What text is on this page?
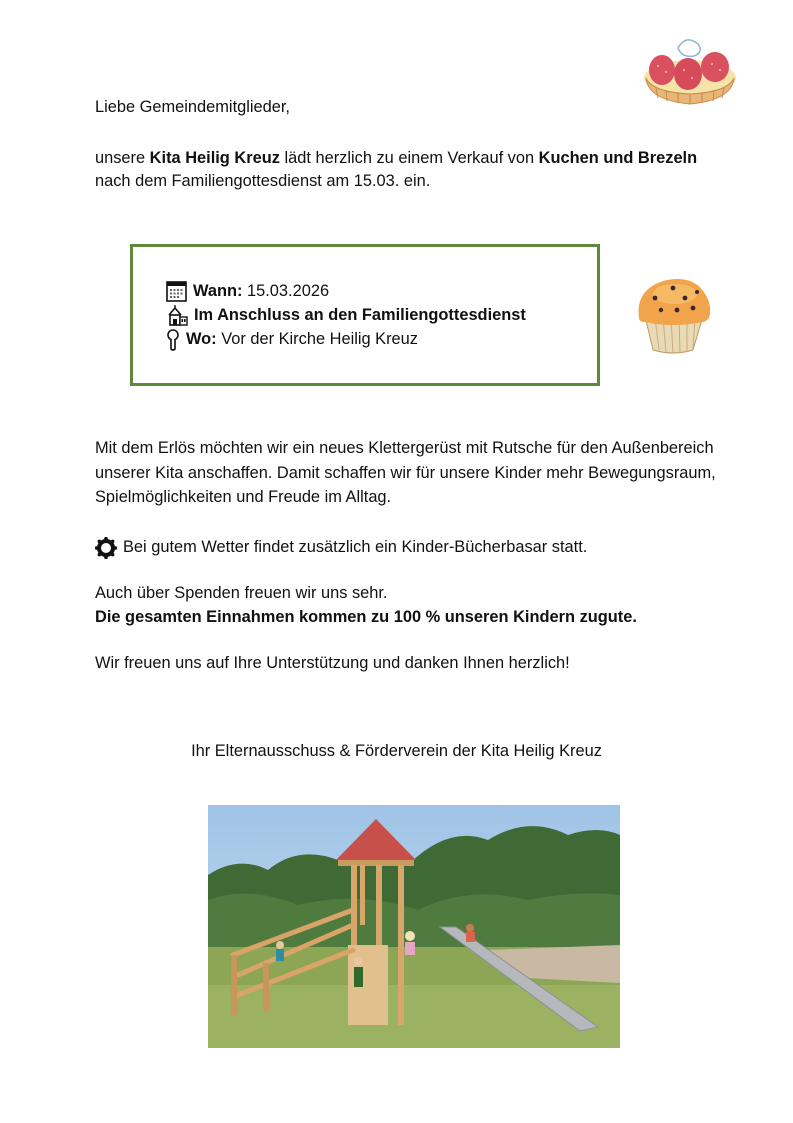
Liebe Gemeindemitglieder,
unsere Kita Heilig Kreuz lädt herzlich zu einem Verkauf von Kuchen und Brezeln nach dem Familiengottesdienst am 15.03. ein.
Wann: 15.03.2026
Im Anschluss an den Familiengottesdienst
Wo: Vor der Kirche Heilig Kreuz
Mit dem Erlös möchten wir ein neues Klettergerüst mit Rutsche für den Außenbereich unserer Kita anschaffen. Damit schaffen wir für unsere Kinder mehr Bewegungsraum, Spielmöglichkeiten und Freude im Alltag.
Bei gutem Wetter findet zusätzlich ein Kinder-Bücherbasar statt.
Auch über Spenden freuen wir uns sehr.
Die gesamten Einnahmen kommen zu 100 % unseren Kindern zugute.
Wir freuen uns auf Ihre Unterstützung und danken Ihnen herzlich!
Ihr Elternausschuss & Förderverein der Kita Heilig Kreuz
